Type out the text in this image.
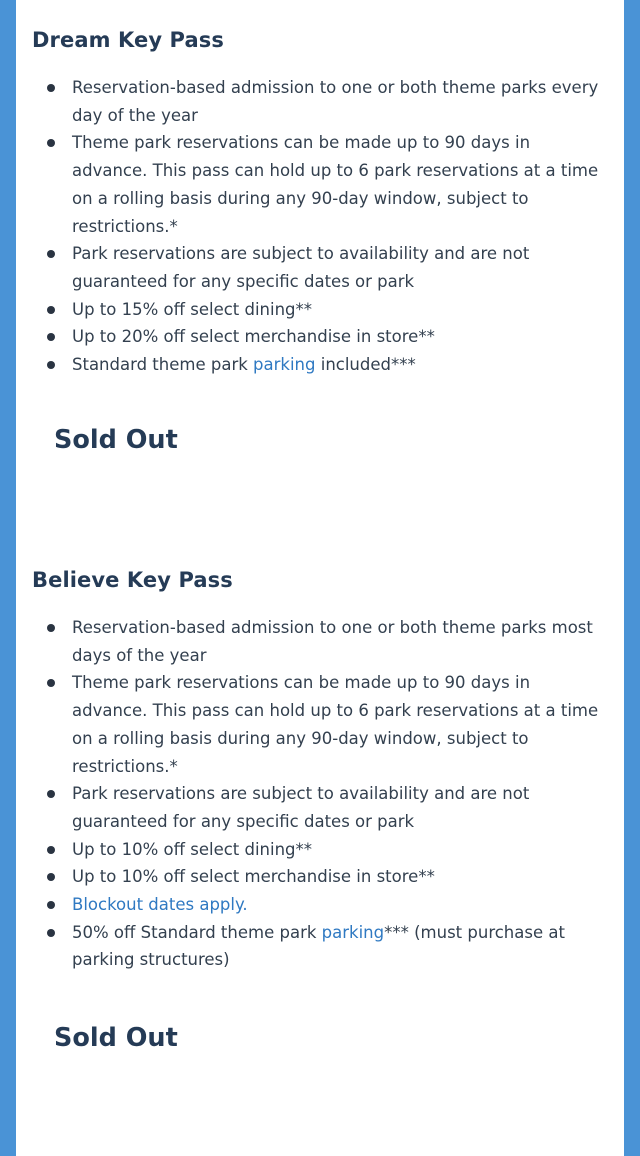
Dream Key Pass
Reservation-based admission to one or both theme parks every day of the year
Theme park reservations can be made up to 90 days in advance. This pass can hold up to 6 park reservations at a time on a rolling basis during any 90-day window, subject to restrictions.*
Park reservations are subject to availability and are not guaranteed for any specific dates or park
Up to 15% off select dining**
Up to 20% off select merchandise in store**
Standard theme park parking included***

Sold Out

Believe Key Pass
Reservation-based admission to one or both theme parks most days of the year
Theme park reservations can be made up to 90 days in advance. This pass can hold up to 6 park reservations at a time on a rolling basis during any 90-day window, subject to restrictions.*
Park reservations are subject to availability and are not guaranteed for any specific dates or park
Up to 10% off select dining**
Up to 10% off select merchandise in store**
Blockout dates apply.
50% off Standard theme park parking*** (must purchase at parking structures)

Sold Out
